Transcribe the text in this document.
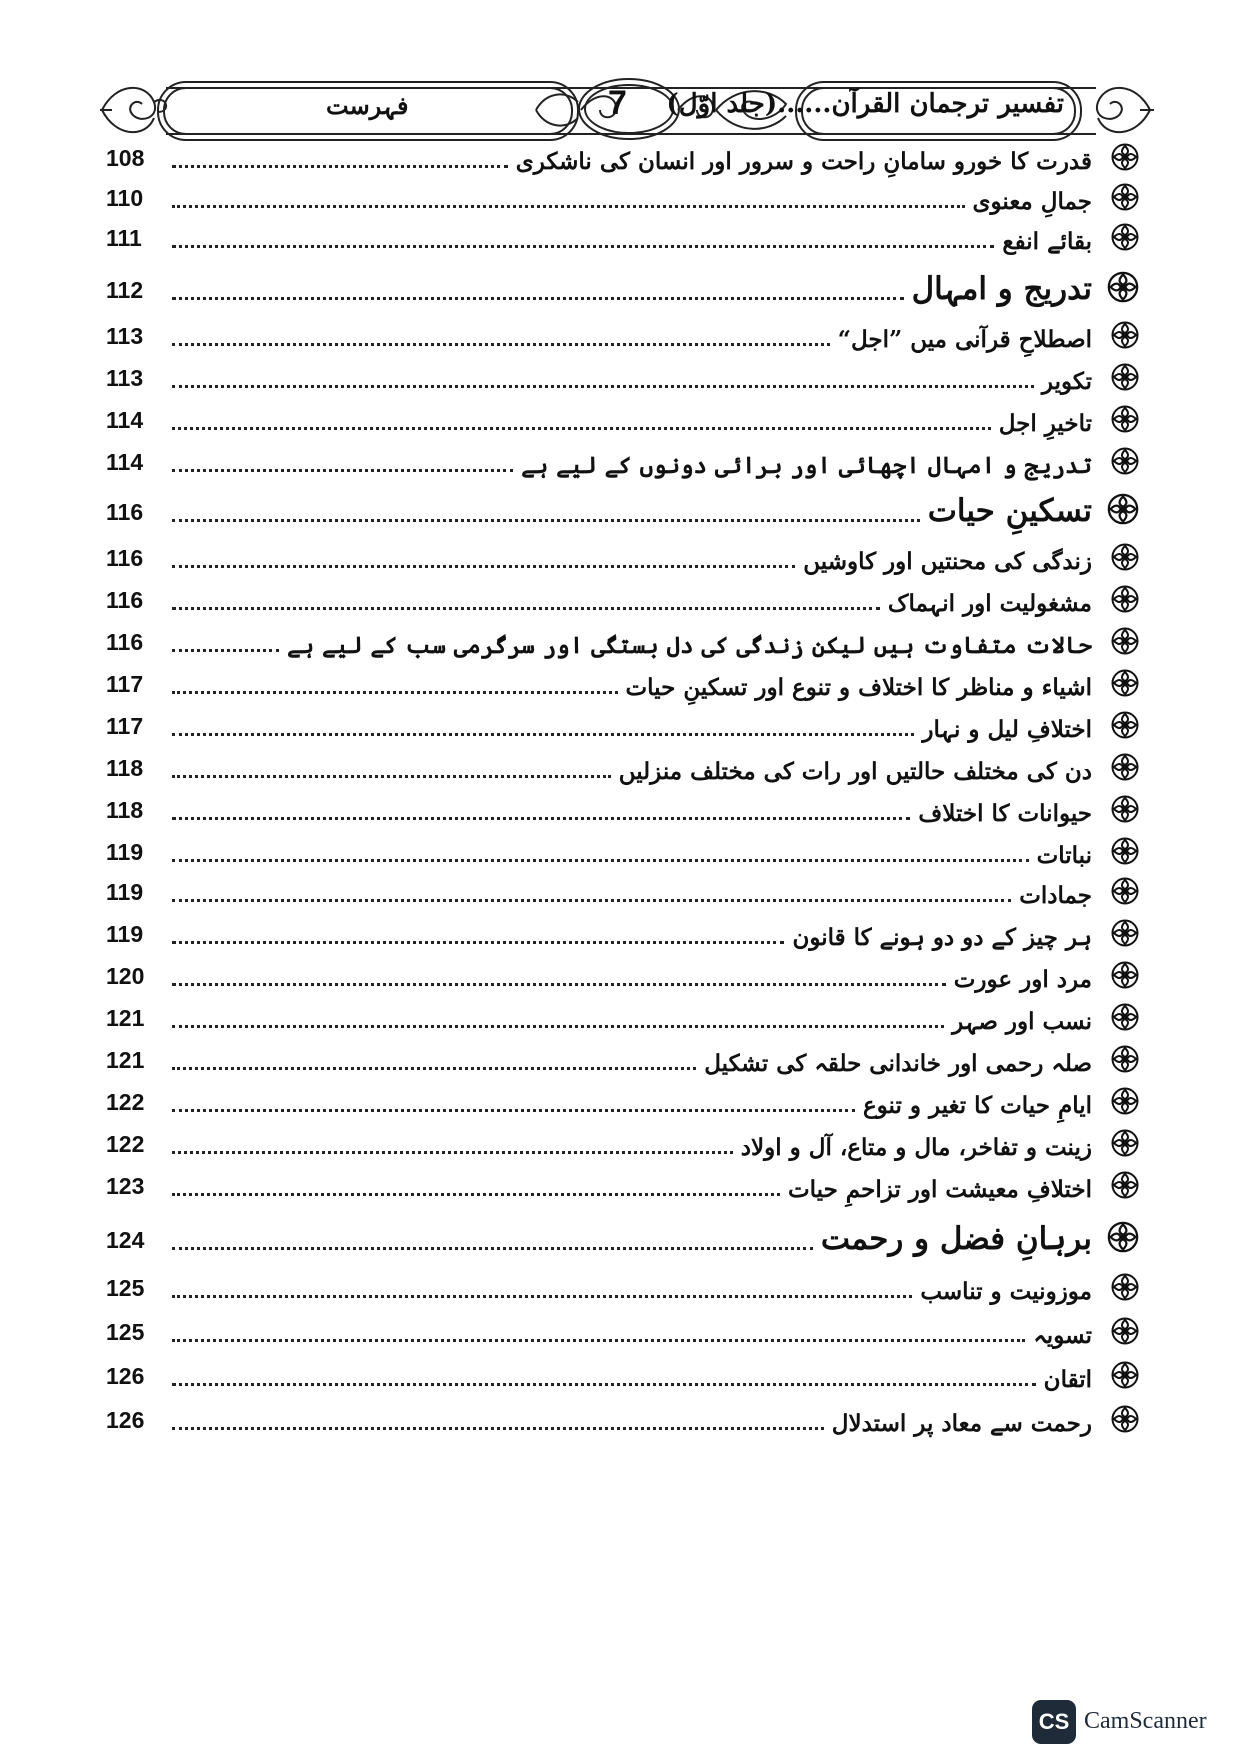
تفسیر ترجمان القرآن......(جلد اوّل)
7
فہرست
قدرت کا خورو سامانِ راحت و سرور اور انسان کی ناشکری
108
جمالِ معنوی
110
بقائے انفع
111
تدریج و امہال
112
اصطلاحِ قرآنی میں ”اجل“
113
تکویر
113
تاخیرِ اجل
114
تدریج و امہال اچھائی اور برائی دونوں کے لیے ہے
114
تسکینِ حیات
116
زندگی کی محنتیں اور کاوشیں
116
مشغولیت اور انہماک
116
حالات متفاوت ہیں لیکن زندگی کی دل بستگی اور سرگرمی سب کے لیے ہے
116
اشیاء و مناظر کا اختلاف و تنوع اور تسکینِ حیات
117
اختلافِ لیل و نہار
117
دن کی مختلف حالتیں اور رات کی مختلف منزلیں
118
حیوانات کا اختلاف
118
نباتات
119
جمادات
119
ہر چیز کے دو دو ہونے کا قانون
119
مرد اور عورت
120
نسب اور صہر
121
صلہ رحمی اور خاندانی حلقہ کی تشکیل
121
ایامِ حیات کا تغیر و تنوع
122
زینت و تفاخر، مال و متاع، آل و اولاد
122
اختلافِ معیشت اور تزاحمِ حیات
123
برہانِ فضل و رحمت
124
موزونیت و تناسب
125
تسویہ
125
اتقان
126
رحمت سے معاد پر استدلال
126
CS CamScanner
